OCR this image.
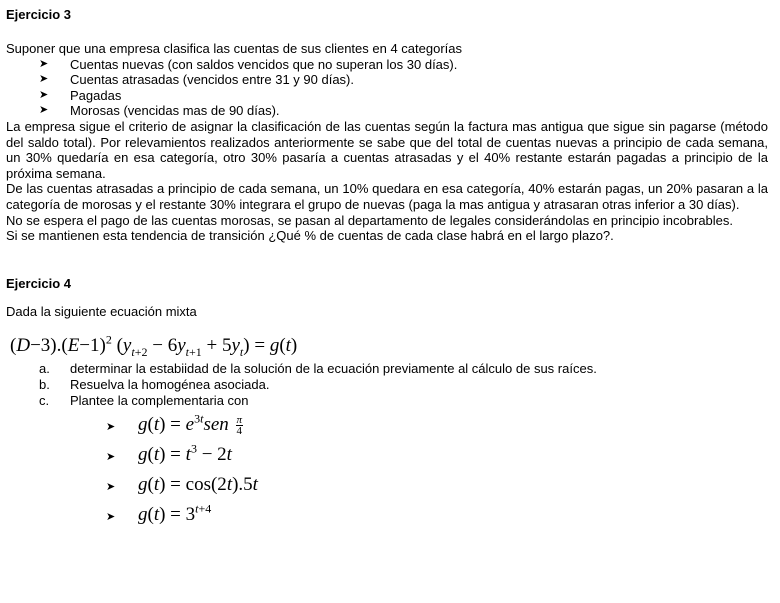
Ejercicio 3
Suponer que una empresa clasifica las cuentas de sus clientes en 4 categorías
➤ Cuentas nuevas (con saldos vencidos que no superan los 30 días).
➤ Cuentas atrasadas (vencidos entre 31 y 90 días).
➤ Pagadas
➤ Morosas (vencidas mas de 90 días).
La empresa sigue el criterio de asignar la clasificación de las cuentas según la factura mas antigua que sigue sin pagarse (método del saldo total). Por relevamientos realizados anteriormente se sabe que del total de cuentas nuevas a principio de cada semana, un 30% quedaría en esa categoría, otro 30% pasaría a cuentas atrasadas y el 40% restante estarán pagadas a principio de la próxima semana.
De las cuentas atrasadas a principio de cada semana, un 10% quedara en esa categoría, 40% estarán pagas, un 20% pasaran a la categoría de morosas y el restante 30% integrara el grupo de nuevas (paga la mas antigua y atrasaran otras inferior a 30 días).
No se espera el pago de las cuentas morosas, se pasan al departamento de legales considerándolas en principio incobrables.
Si se mantienen esta tendencia de transición ¿Qué % de cuentas de cada clase habrá en el largo plazo?.
Ejercicio 4
Dada la siguiente ecuación mixta
$(D-3).(E-1)^2$ $(y_{t+2} - 6y_{t+1} + 5y_t) = g(t)$
a. determinar la estabiidad de la solución de la ecuación previamente al cálculo de sus raíces.
b. Resuelva la homogénea asociada.
c. Plantee la complementaria con
➤ $g(t) = e^{3t}sen \frac{\pi}{4}$
➤ $g(t) = t^3 - 2t$
➤ g(t) = cos(2t).5t
➤ $g(t) = 3^{t+4}$
